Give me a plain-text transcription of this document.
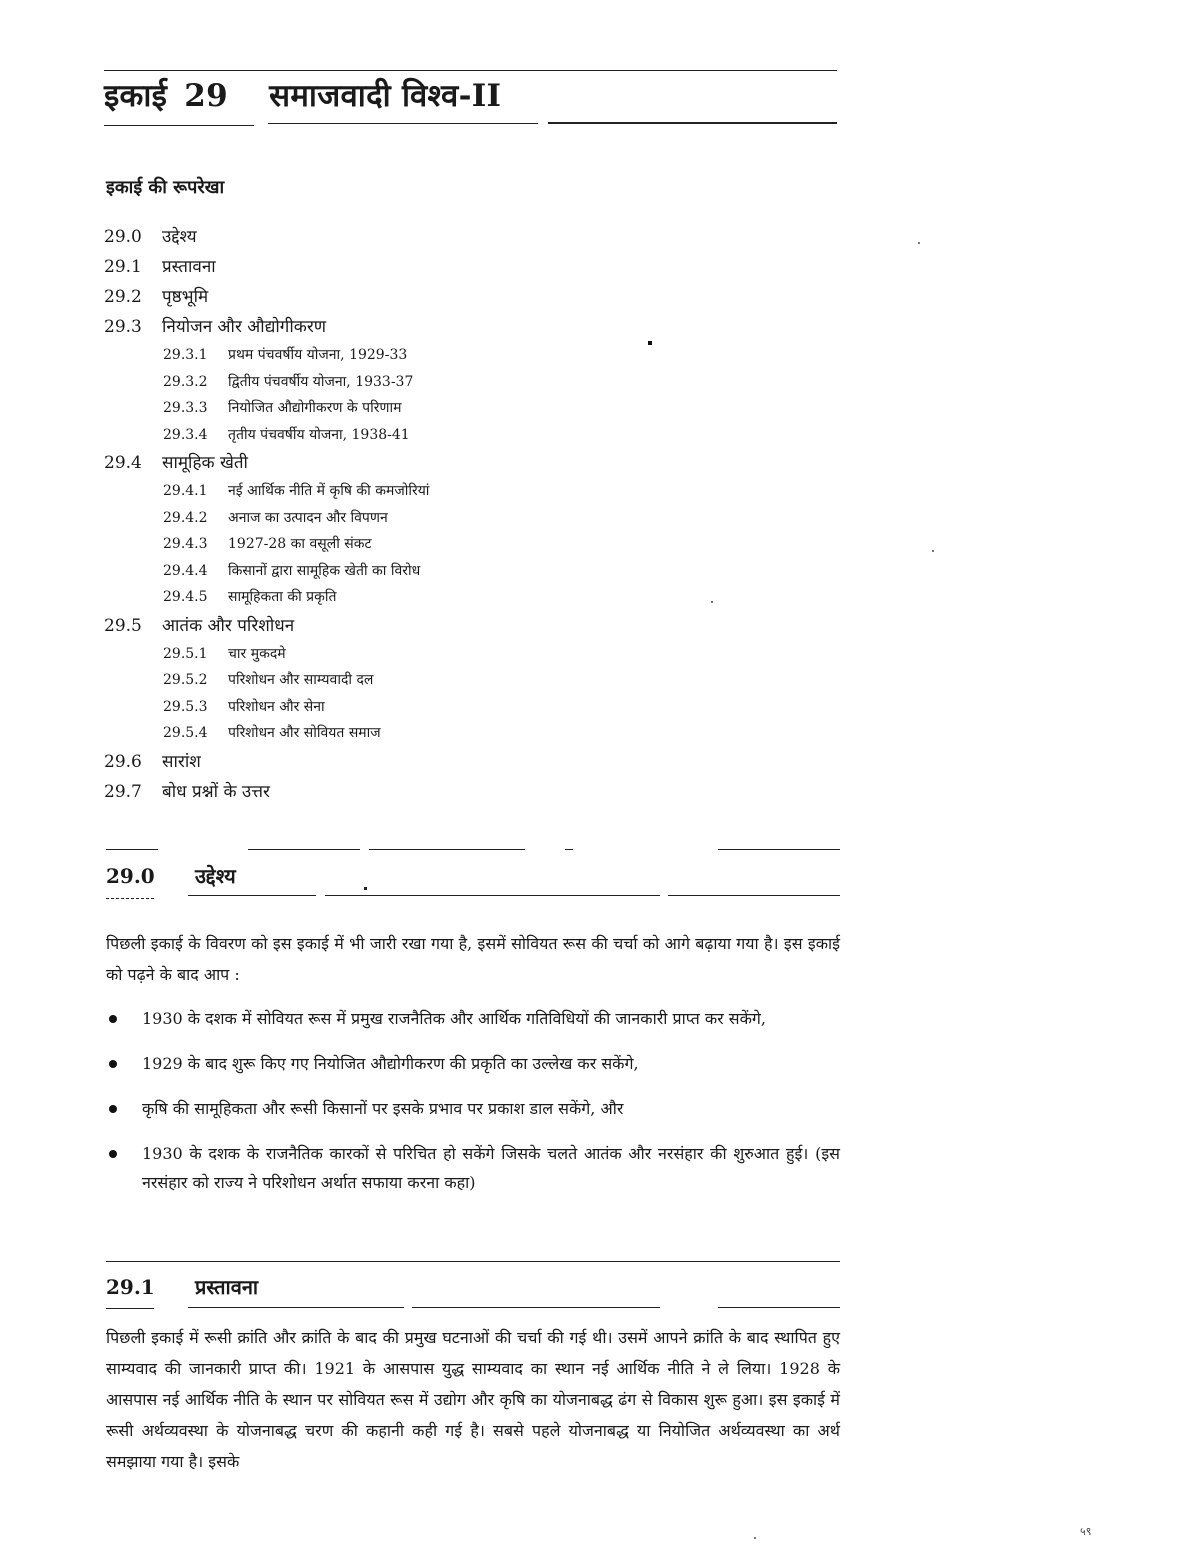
इकाई 29 समाजवादी विश्व-II
इकाई की रूपरेखा
29.0	उद्देश्य
29.1	प्रस्तावना
29.2	पृष्ठभूमि
29.3	नियोजन और औद्योगीकरण
29.3.1	प्रथम पंचवर्षीय योजना, 1929-33
29.3.2	द्वितीय पंचवर्षीय योजना, 1933-37
29.3.3	नियोजित औद्योगीकरण के परिणाम
29.3.4	तृतीय पंचवर्षीय योजना, 1938-41
29.4	सामूहिक खेती
29.4.1	नई आर्थिक नीति में कृषि की कमजोरियां
29.4.2	अनाज का उत्पादन और विपणन
29.4.3	1927-28 का वसूली संकट
29.4.4	किसानों द्वारा सामूहिक खेती का विरोध
29.4.5	सामूहिकता की प्रकृति
29.5	आतंक और परिशोधन
29.5.1	चार मुकदमे
29.5.2	परिशोधन और साम्यवादी दल
29.5.3	परिशोधन और सेना
29.5.4	परिशोधन और सोवियत समाज
29.6	सारांश
29.7	बोध प्रश्नों के उत्तर
29.0 उद्देश्य
पिछली इकाई के विवरण को इस इकाई में भी जारी रखा गया है, इसमें सोवियत रूस की चर्चा को आगे बढ़ाया गया है। इस इकाई को पढ़ने के बाद आप :
1930 के दशक में सोवियत रूस में प्रमुख राजनैतिक और आर्थिक गतिविधियों की जानकारी प्राप्त कर सकेंगे,
1929 के बाद शुरू किए गए नियोजित औद्योगीकरण की प्रकृति का उल्लेख कर सकेंगे,
कृषि की सामूहिकता और रूसी किसानों पर इसके प्रभाव पर प्रकाश डाल सकेंगे, और
1930 के दशक के राजनैतिक कारकों से परिचित हो सकेंगे जिसके चलते आतंक और नरसंहार की शुरुआत हुई। (इस नरसंहार को राज्य ने परिशोधन अर्थात सफाया करना कहा)
29.1 प्रस्तावना
पिछली इकाई में रूसी क्रांति और क्रांति के बाद की प्रमुख घटनाओं की चर्चा की गई थी। उसमें आपने क्रांति के बाद स्थापित हुए साम्यवाद की जानकारी प्राप्त की। 1921 के आसपास युद्ध साम्यवाद का स्थान नई आर्थिक नीति ने ले लिया। 1928 के आसपास नई आर्थिक नीति के स्थान पर सोवियत रूस में उद्योग और कृषि का योजनाबद्ध ढंग से विकास शुरू हुआ। इस इकाई में रूसी अर्थव्यवस्था के योजनाबद्ध चरण की कहानी कही गई है। सबसे पहले योजनाबद्ध या नियोजित अर्थव्यवस्था का अर्थ समझाया गया है। इसके
५९
